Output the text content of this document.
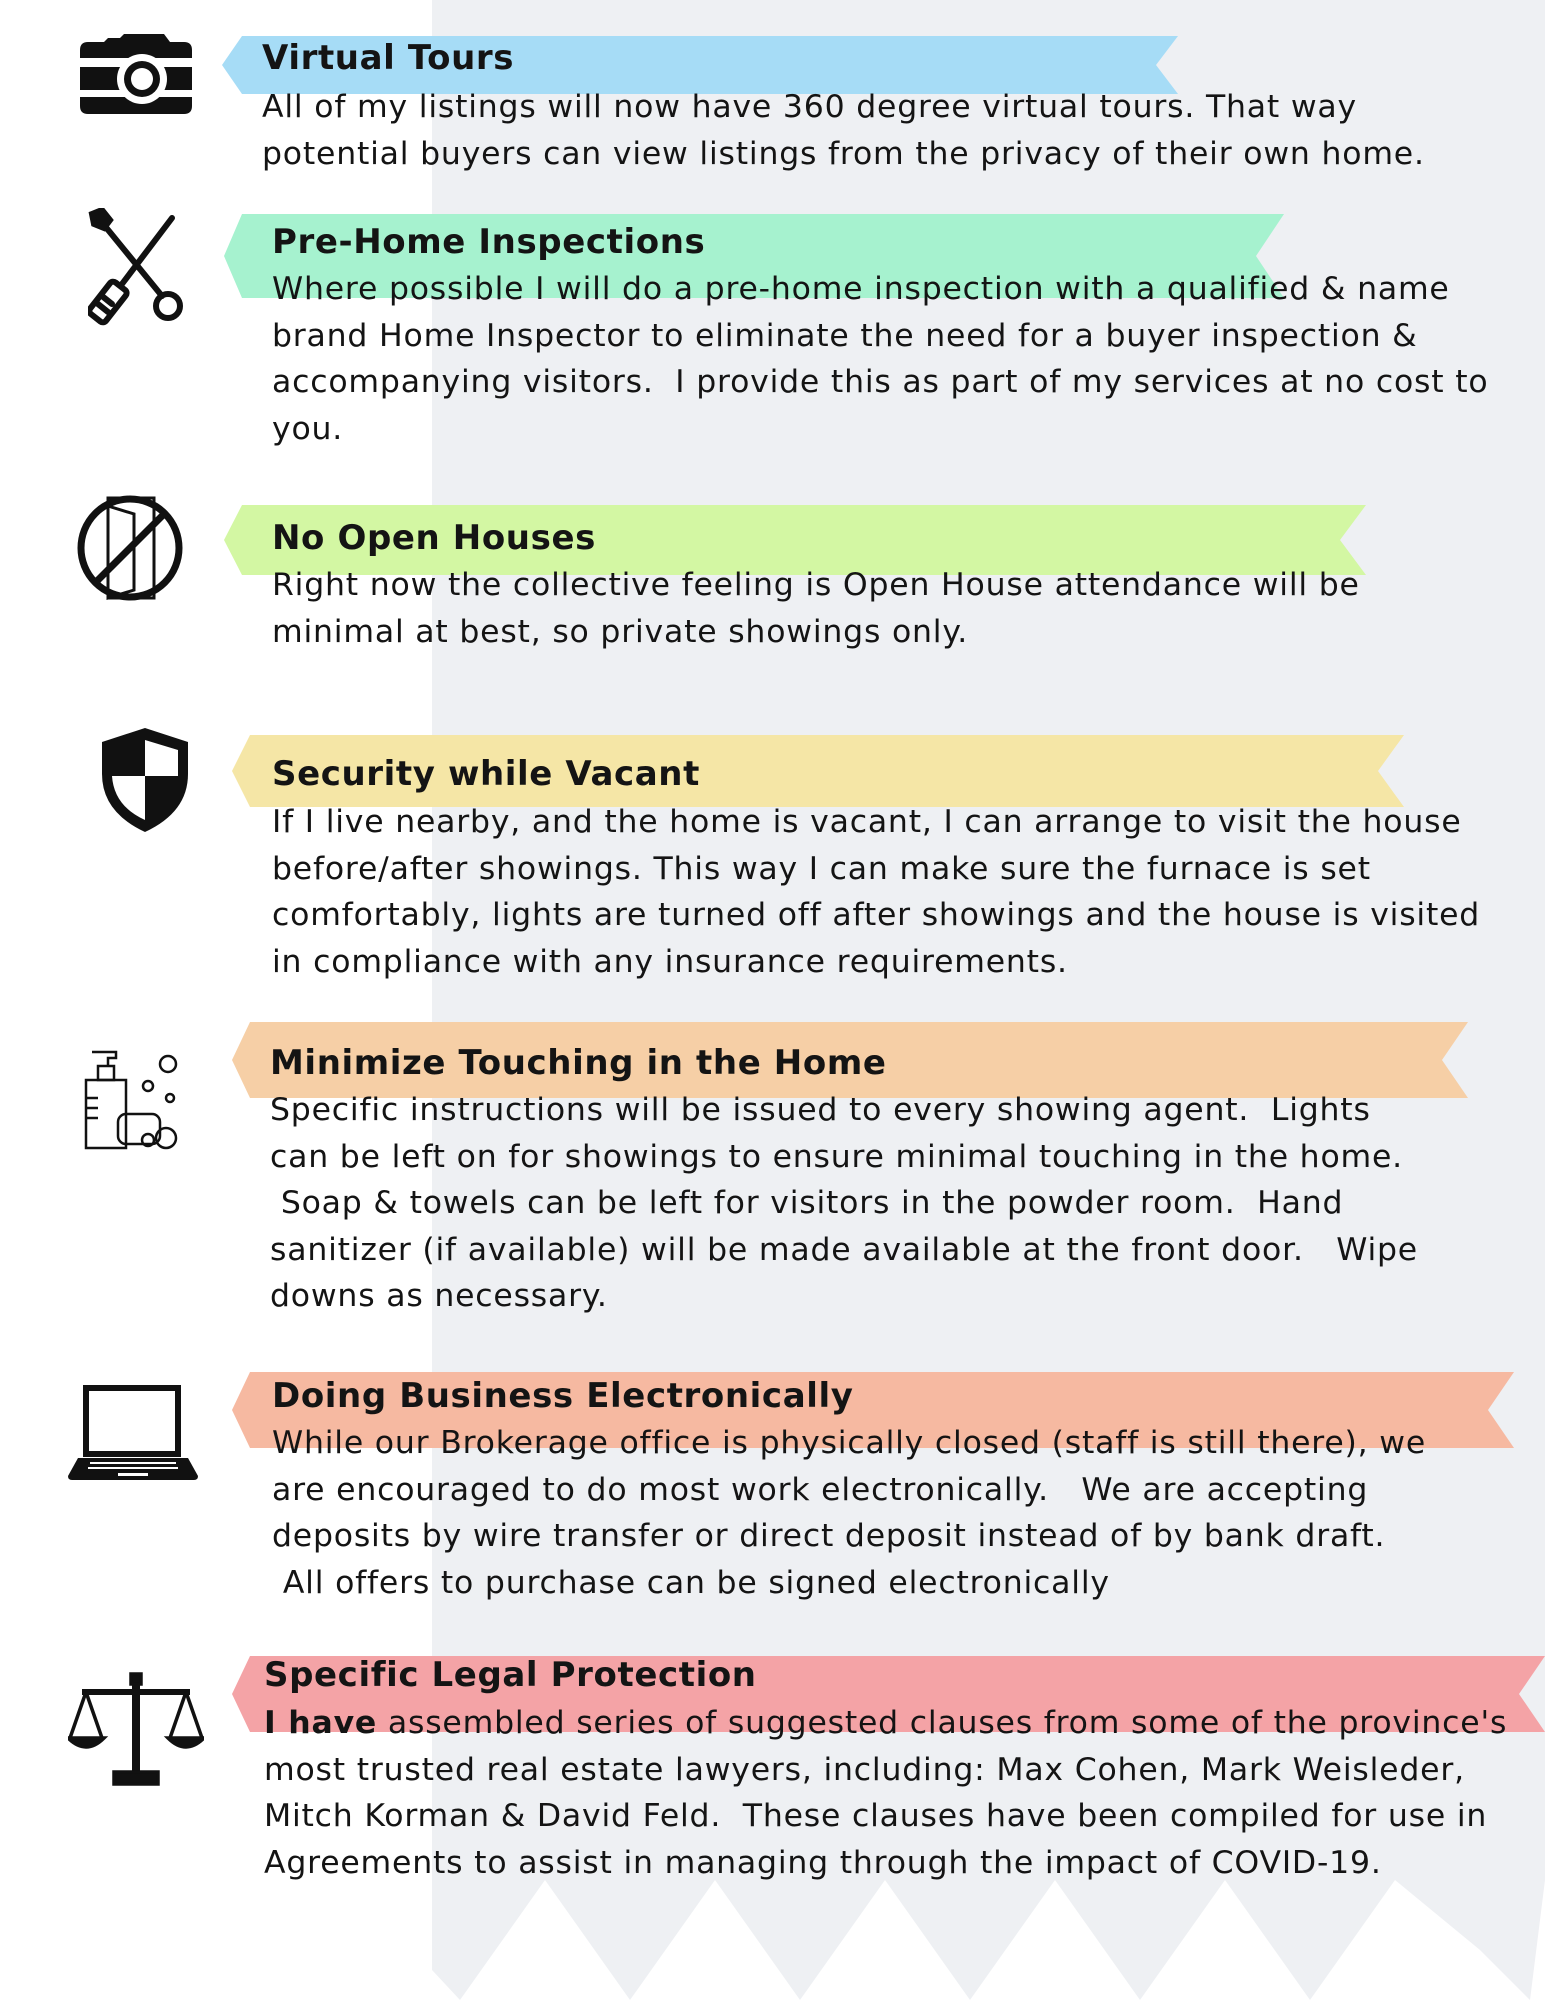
Virtual Tours
All of my listings will now have 360 degree virtual tours. That way
potential buyers can view listings from the privacy of their own home.
Pre-Home Inspections
Where possible I will do a pre-home inspection with a qualified & name
brand Home Inspector to eliminate the need for a buyer inspection &
accompanying visitors.  I provide this as part of my services at no cost to
you.
No Open Houses
Right now the collective feeling is Open House attendance will be
minimal at best, so private showings only.
Security while Vacant
If I live nearby, and the home is vacant, I can arrange to visit the house
before/after showings. This way I can make sure the furnace is set
comfortably, lights are turned off after showings and the house is visited
in compliance with any insurance requirements.
Minimize Touching in the Home
Specific instructions will be issued to every showing agent.  Lights
can be left on for showings to ensure minimal touching in the home.
Soap & towels can be left for visitors in the powder room.  Hand
sanitizer (if available) will be made available at the front door.   Wipe
downs as necessary.
Doing Business Electronically
While our Brokerage office is physically closed (staff is still there), we
are encouraged to do most work electronically.   We are accepting
deposits by wire transfer or direct deposit instead of by bank draft.
All offers to purchase can be signed electronically
Specific Legal Protection
I have assembled series of suggested clauses from some of the province's
most trusted real estate lawyers, including: Max Cohen, Mark Weisleder,
Mitch Korman & David Feld.  These clauses have been compiled for use in
Agreements to assist in managing through the impact of COVID-19.
